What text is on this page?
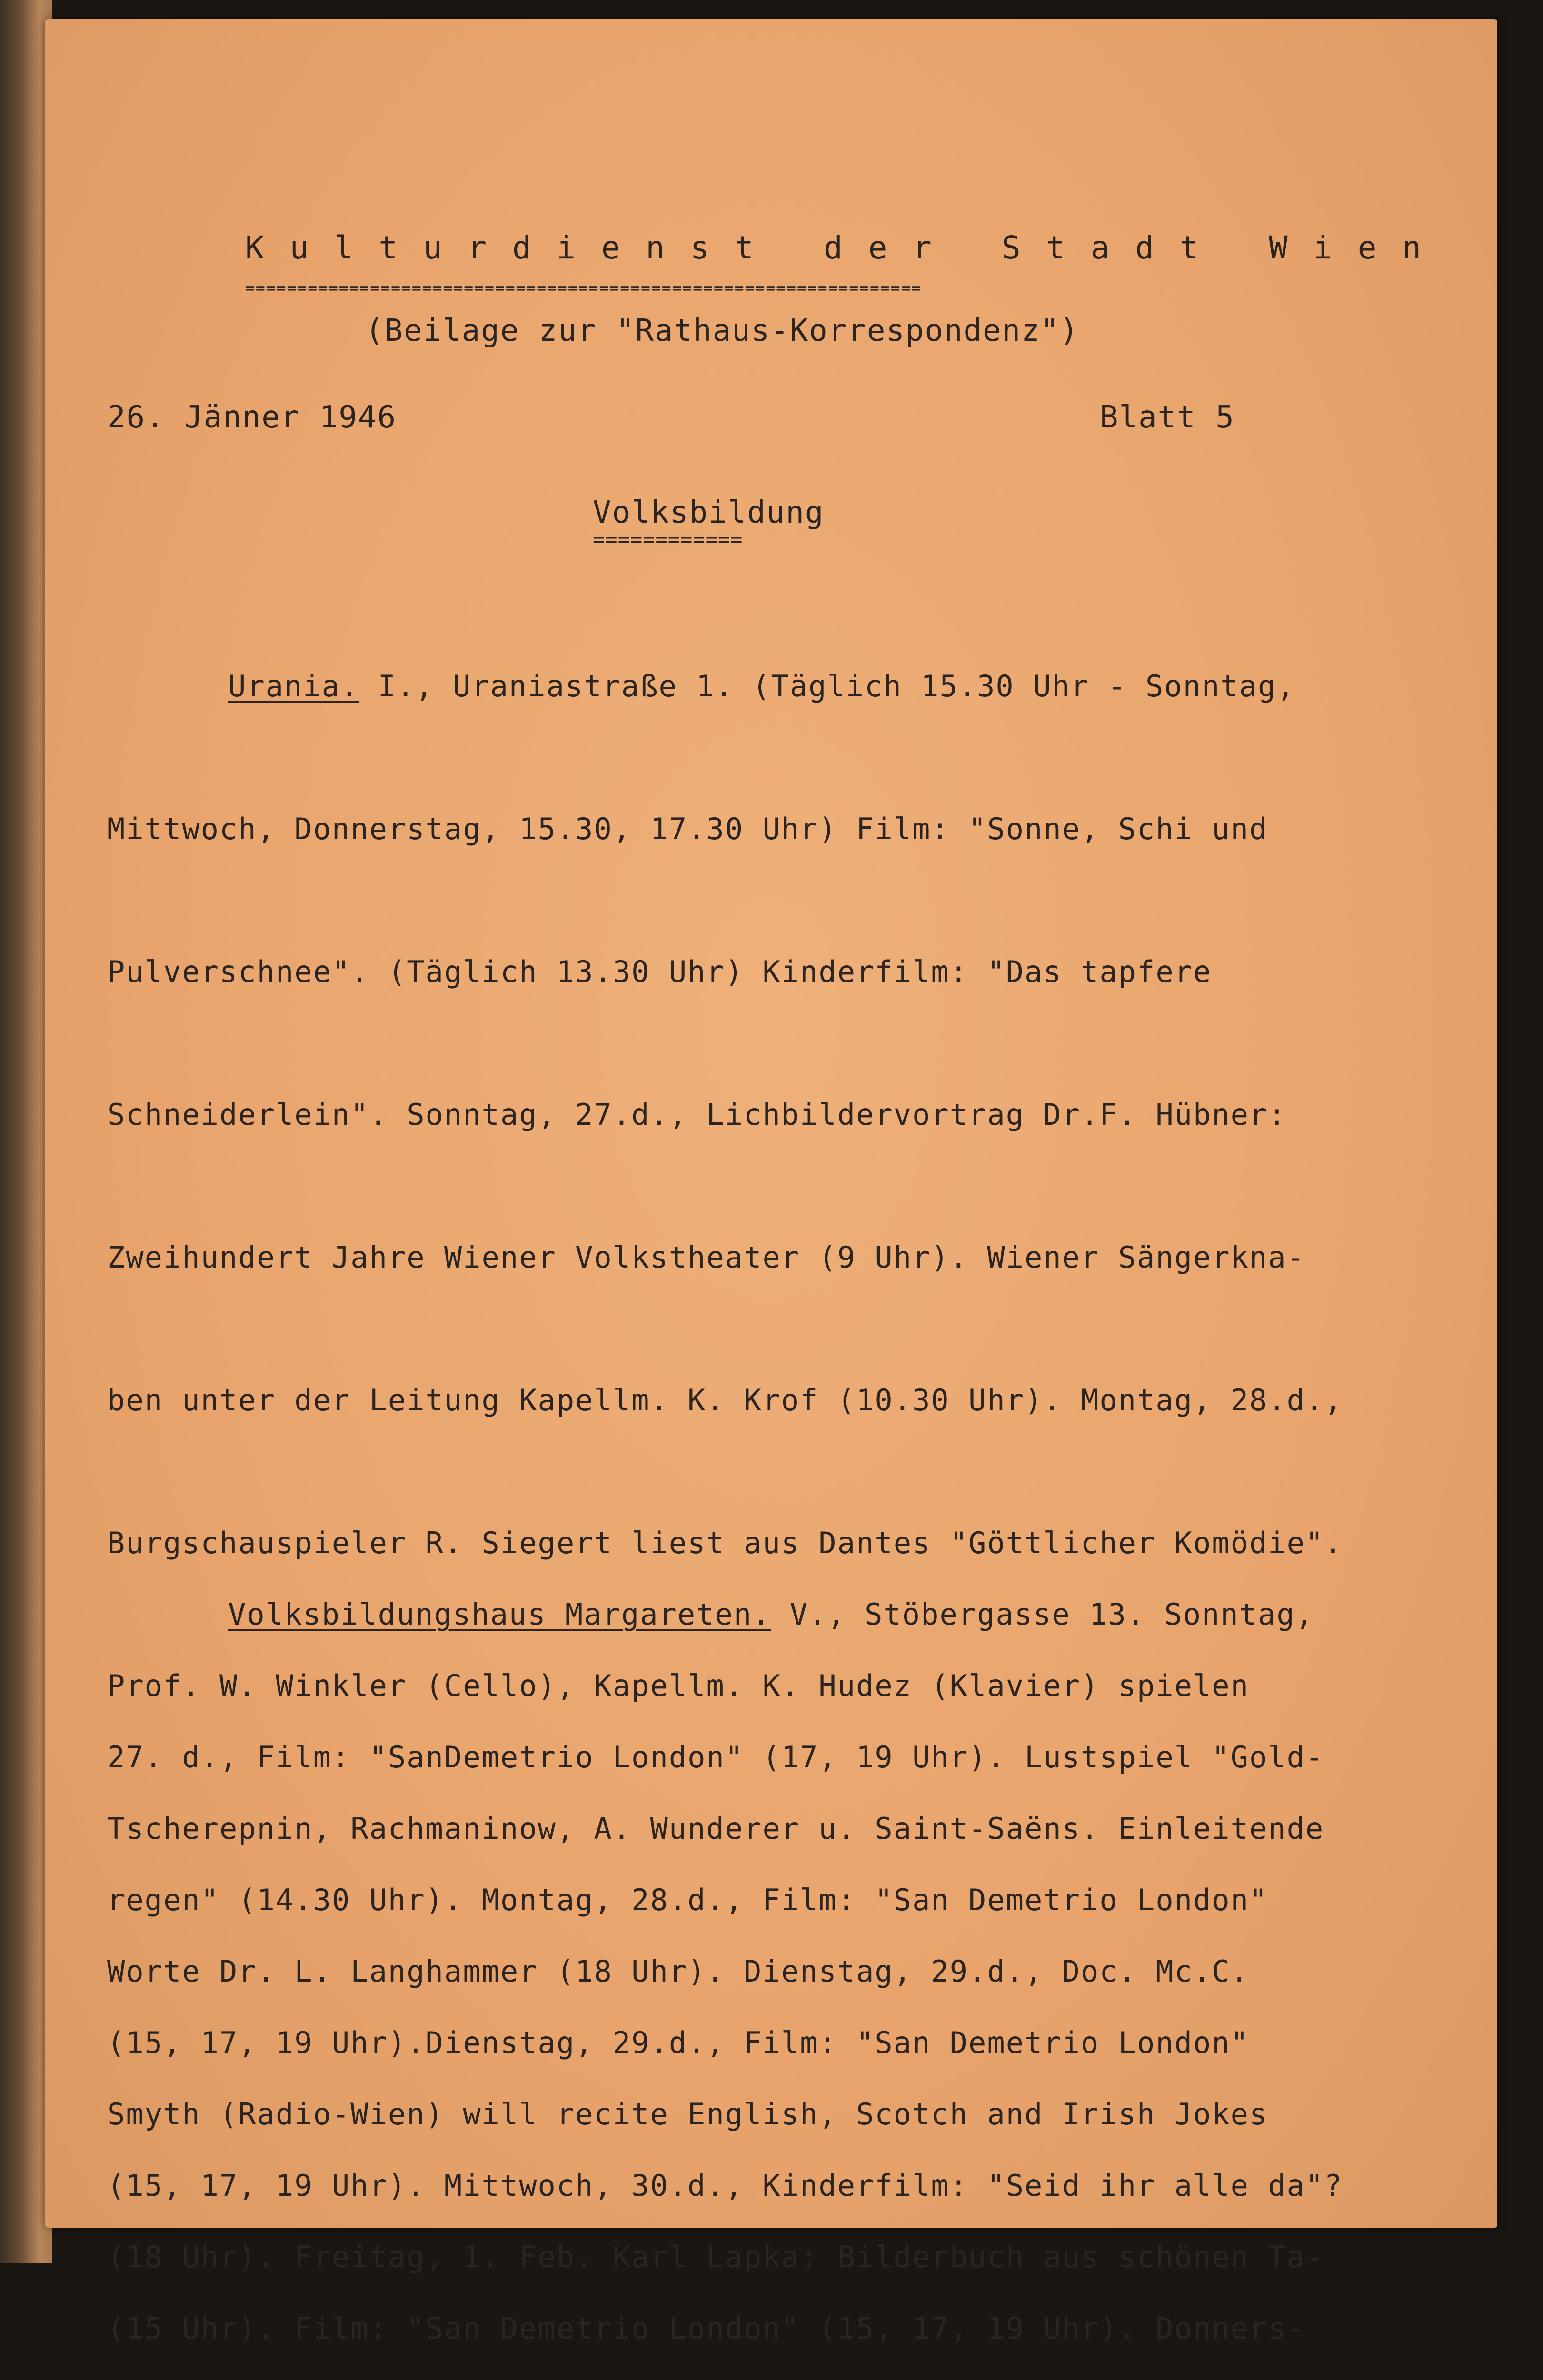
K u l t u r d i e n s t   d e r   S t a d t   W i e n
=================================================================
(Beilage zur "Rathaus-Korrespondenz")
26. Jänner 1946	Blatt 5
Volksbildung
============

Urania. I., Uraniastraße 1. (Täglich 15.30 Uhr - Sonntag,

Mittwoch, Donnerstag, 15.30, 17.30 Uhr) Film: "Sonne, Schi und

Pulverschnee". (Täglich 13.30 Uhr) Kinderfilm: "Das tapfere

Schneiderlein". Sonntag, 27.d., Lichbildervortrag Dr.F. Hübner:

Zweihundert Jahre Wiener Volkstheater (9 Uhr). Wiener Sängerkna-

ben unter der Leitung Kapellm. K. Krof (10.30 Uhr). Montag, 28.d.,

Burgschauspieler R. Siegert liest aus Dantes "Göttlicher Komödie".

Prof. W. Winkler (Cello), Kapellm. K. Hudez (Klavier) spielen

Tscherepnin, Rachmaninow, A. Wunderer u. Saint-Saëns. Einleitende

Worte Dr. L. Langhammer (18 Uhr). Dienstag, 29.d., Doc. Mc.C.

Smyth (Radio-Wien) will recite English, Scotch and Irish Jokes

(18 Uhr). Freitag, 1. Feb. Karl Lapka: Bilderbuch aus schönen Ta-

Volksbildungshaus Margareten. V., Stöbergasse 13. Sonntag,

27. d., Film: "SanDemetrio London" (17, 19 Uhr). Lustspiel "Gold-

regen" (14.30 Uhr). Montag, 28.d., Film: "San Demetrio London"

(15, 17, 19 Uhr).Dienstag, 29.d., Film: "San Demetrio London"

(15, 17, 19 Uhr). Mittwoch, 30.d., Kinderfilm: "Seid ihr alle da"?

(15 Uhr). Film: "San Demetrio London" (15, 17, 19 Uhr). Donners-
